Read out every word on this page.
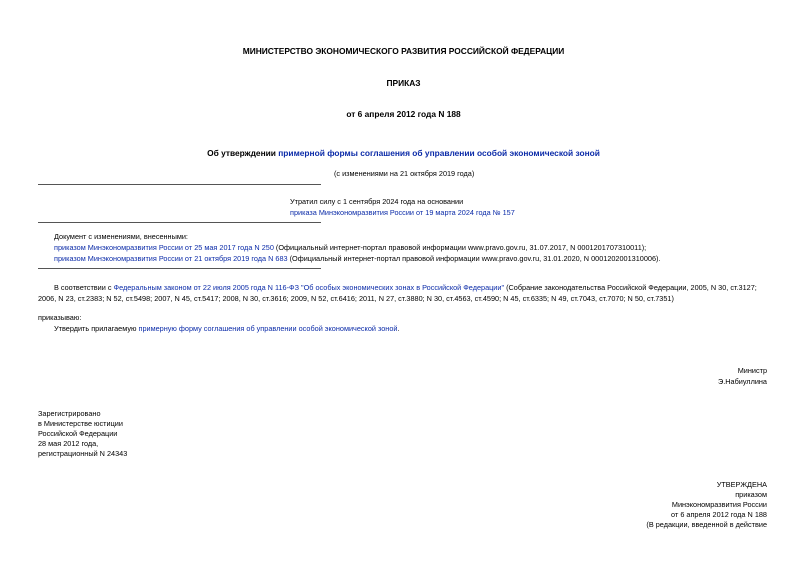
МИНИСТЕРСТВО ЭКОНОМИЧЕСКОГО РАЗВИТИЯ РОССИЙСКОЙ ФЕДЕРАЦИИ
ПРИКАЗ
от 6 апреля 2012 года N 188
Об утверждении примерной формы соглашения об управлении особой экономической зоной
(с изменениями на 21 октября 2019 года)
Утратил силу с 1 сентября 2024 года на основании
приказа Минэкономразвития России от 19 марта 2024 года № 157
Документ с изменениями, внесенными:
приказом Минэкономразвития России от 25 мая 2017 года N 250 (Официальный интернет-портал правовой информации www.pravo.gov.ru, 31.07.2017, N 0001201707310011);
приказом Минэкономразвития России от 21 октября 2019 года N 683 (Официальный интернет-портал правовой информации www.pravo.gov.ru, 31.01.2020, N 0001202001310006).
В соответствии с Федеральным законом от 22 июля 2005 года N 116-ФЗ "Об особых экономических зонах в Российской Федерации" (Собрание законодательства Российской Федерации, 2005, N 30, ст.3127;
2006, N 23, ст.2383; N 52, ст.5498; 2007, N 45, ст.5417; 2008, N 30, ст.3616; 2009, N 52, ст.6416; 2011, N 27, ст.3880; N 30, ст.4563, ст.4590; N 45, ст.6335; N 49, ст.7043, ст.7070; N 50, ст.7351)
приказываю:
Утвердить прилагаемую примерную форму соглашения об управлении особой экономической зоной.
Министр
Э.Набиуллина
Зарегистрировано
в Министерстве юстиции
Российской Федерации
28 мая 2012 года,
регистрационный N 24343
УТВЕРЖДЕНА
приказом
Минэкономразвития России
от 6 апреля 2012 года N 188
(В редакции, введенной в действие
